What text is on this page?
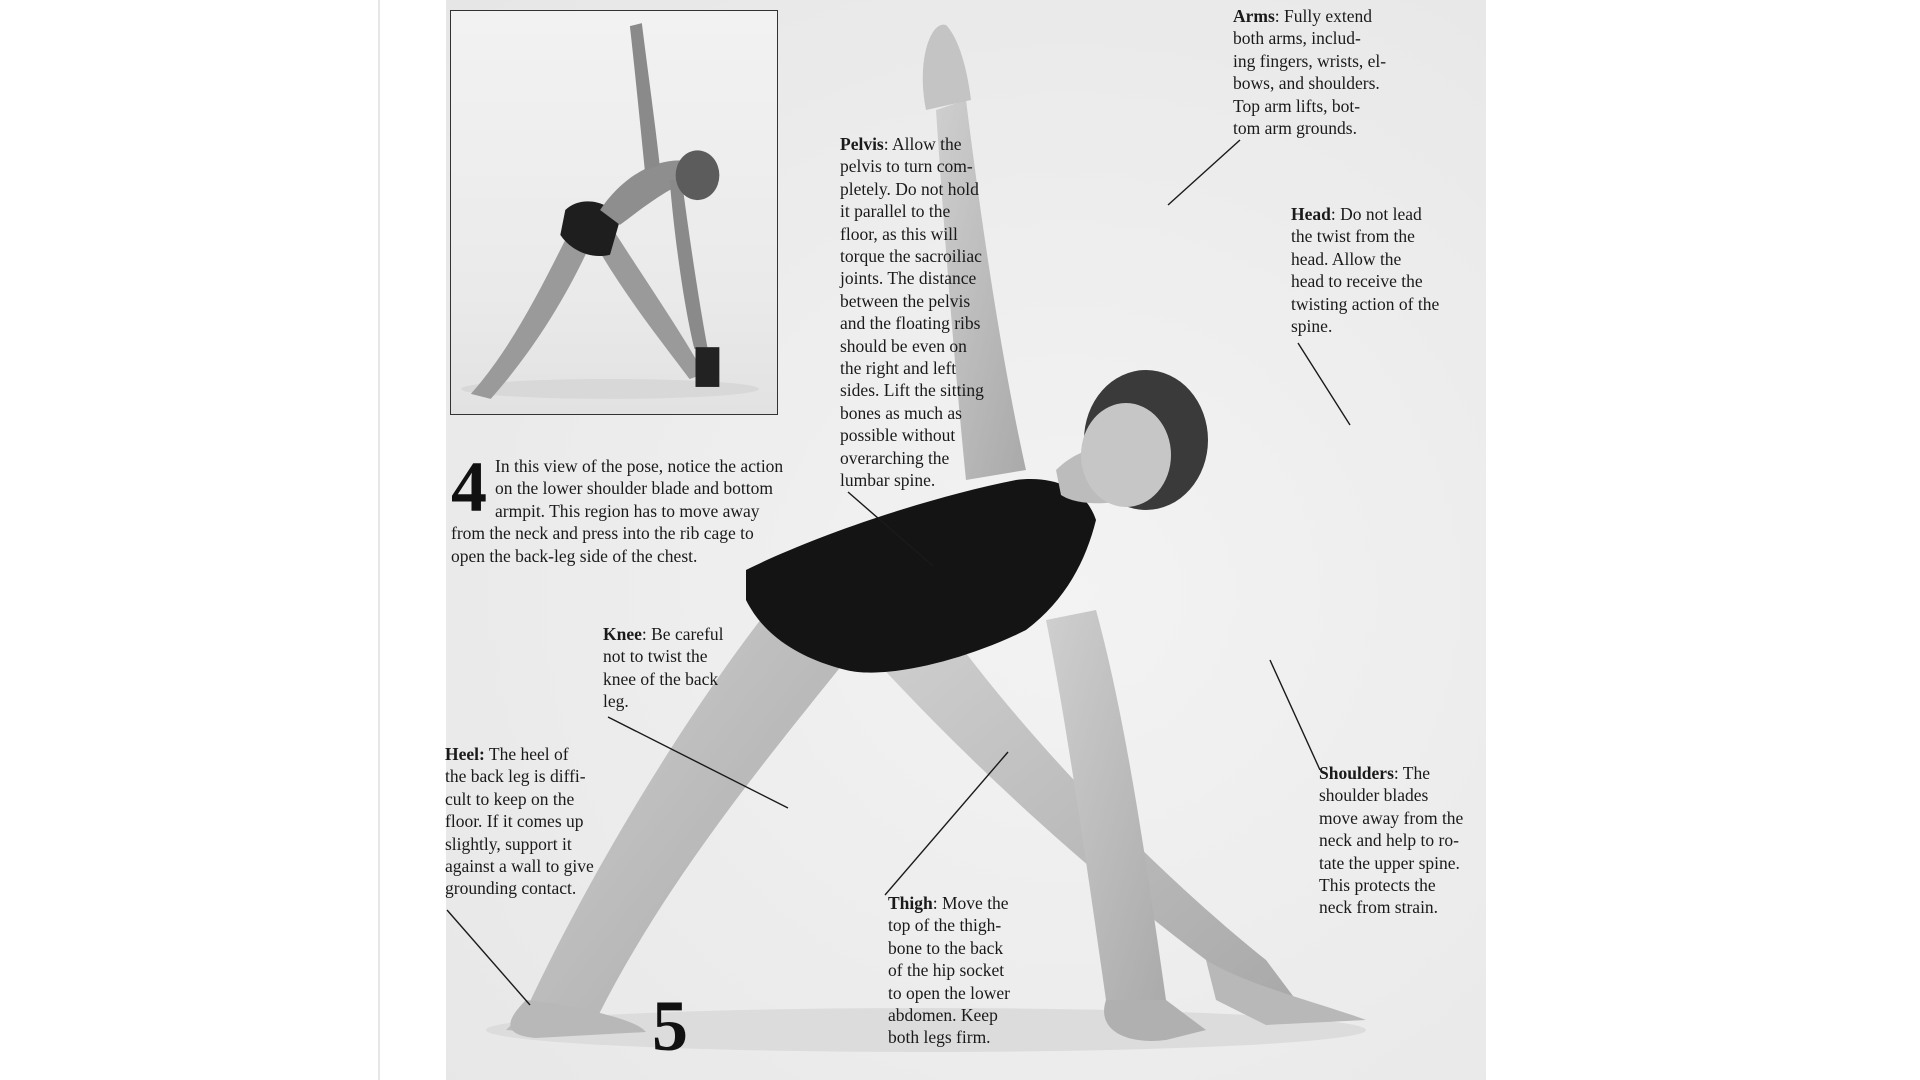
Arms: Fully extend
both arms, includ-
ing fingers, wrists, el-
bows, and shoulders.
Top arm lifts, bot-
tom arm grounds.
Pelvis: Allow the
pelvis to turn com-
pletely. Do not hold
it parallel to the
floor, as this will
torque the sacroiliac
joints. The distance
between the pelvis
and the floating ribs
should be even on
the right and left
sides. Lift the sitting
bones as much as
possible without
overarching the
lumbar spine.
Head: Do not lead
the twist from the
head. Allow the
head to receive the
twisting action of the
spine.
Knee: Be careful
not to twist the
knee of the back
leg.
Heel: The heel of
the back leg is diffi-
cult to keep on the
floor. If it comes up
slightly, support it
against a wall to give
grounding contact.
Shoulders: The
shoulder blades
move away from the
neck and help to ro-
tate the upper spine.
This protects the
neck from strain.
Thigh: Move the
top of the thigh-
bone to the back
of the hip socket
to open the lower
abdomen. Keep
both legs firm.
4 In this view of the pose, notice the action on the lower shoulder blade and bottom armpit. This region has to move away from the neck and press into the rib cage to open the back-leg side of the chest.
5
